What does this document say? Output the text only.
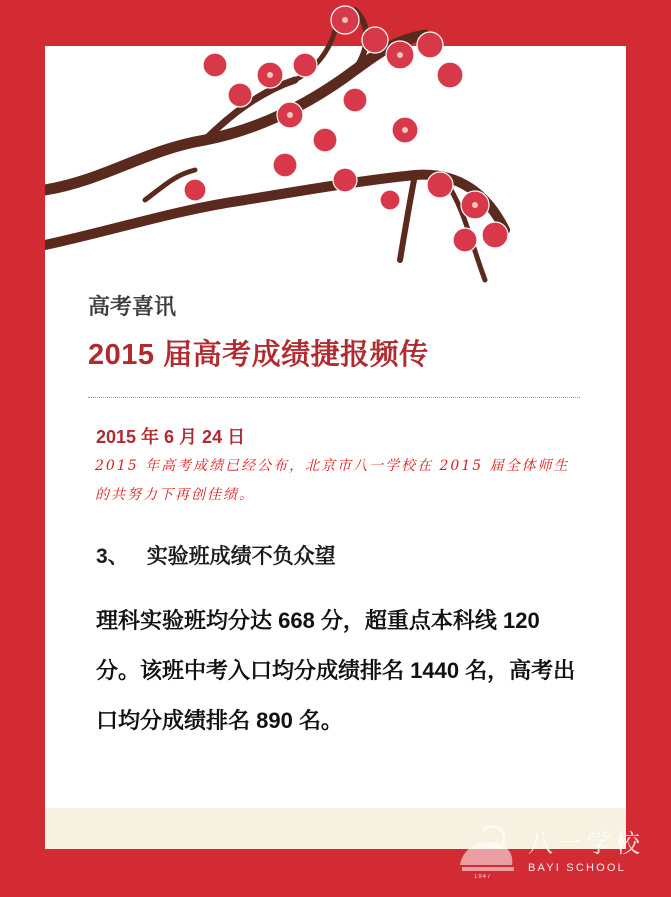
高考喜讯
2015 届高考成绩捷报频传

2015 年 6 月 24 日

2015 年高考成绩已经公布，北京市八一学校在 2015 届全体师生的共努力下再创佳绩。

3、 实验班成绩不负众望

理科实验班均分达 668 分，超重点本科线 120 分。该班中考入口均分成绩排名 1440 名，高考出口均分成绩排名 890 名。

1947
八一学校
BAYI SCHOOL
